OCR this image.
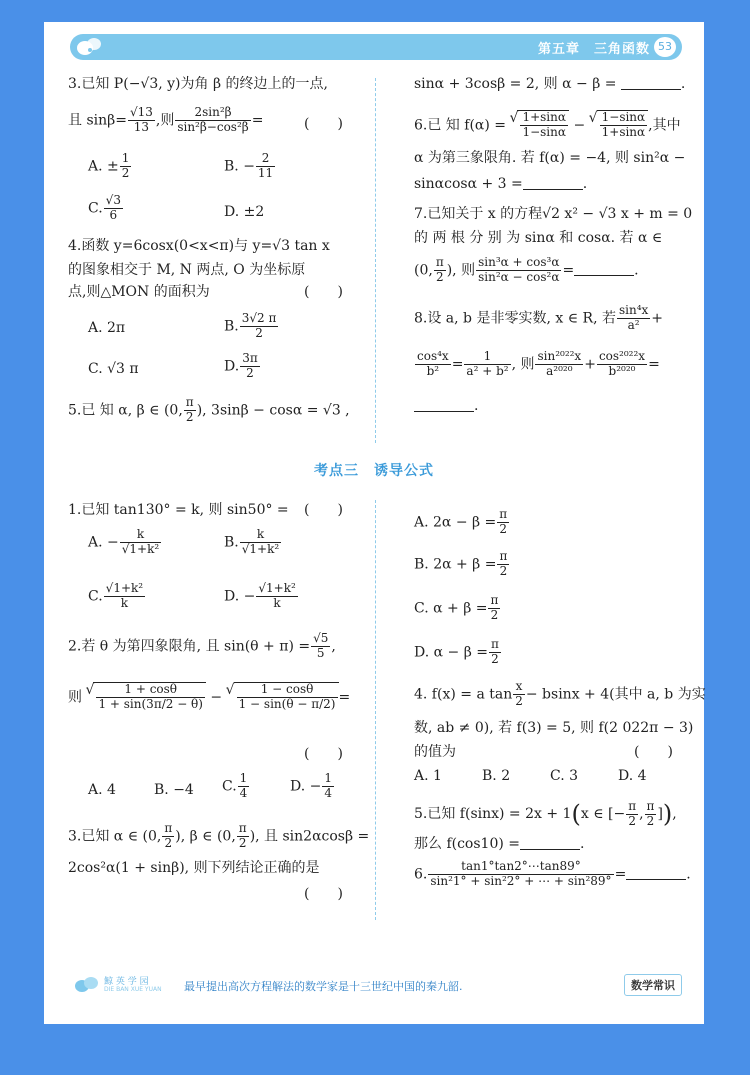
第五章　三角函数 53
3.已知 P(−√3, y)为角 β 的终边上的一点,
且 $\sin\beta= \frac{√13}{13}$ ,则 $\frac{\text{2sin²β}}{\text{sin²β−cos²β}}$ =	(　　)
A. ± $\frac{1}{2}$	B. − $\frac{2}{11}$
C. $\frac{√3}{6}$	D. ±2
4.函数 y=6cosx(0<x<π)与 y=√3 tan x
的图象相交于 M, N 两点, O 为坐标原
点,则△MON 的面积为	(　　)
A. 2π	B. $\frac{3√2 \pi}{2}$
C. √3 π	D. $\frac{3\pi}{2}$
5.已 知 α, β ∈ (0, $\frac{\pi}{2}$ ), 3sinβ − cosα = √3 ,
sinα + 3cosβ = 2, 则 α − β =	.
6.已 知 f(α) = √ $\frac{1+\sin\alpha}{1-\sin\alpha}$ − √ $\frac{1-\sin\alpha}{1+\sin\alpha}$ ,其中
α 为第三象限角. 若 f(α) = −4, 则 sin²α −
sinαcosα + 3 =	.
7.已知关于 x 的方程√2 x² − √3 x + m = 0
的 两 根 分 别 为 sinα 和 cosα. 若 α ∈
(0, $\frac{\pi}{2}$ ), 则 $\frac{\text{sin³α + cos³α}}{\text{sin²α − cos²α}}$ =	.
8.设 a, b 是非零实数, x ∈ R, 若 $\frac{\text{sin⁴x}}{\text{a²}}$ +
$\frac{\text{cos⁴x}}{\text{b²}} = \frac{1}{\text{a² + b²}}$ , 则 $\frac{\text{sin²⁰²²x}}{\text{a²⁰²⁰}} + \frac{\text{cos²⁰²²x}}{\text{b²⁰²⁰}}$ =
.
考点三　诱导公式
1.已知 tan130° = k, 则 sin50° = (　　)
A. − $\frac{k}{\text{√1+k²}}$	B. $\frac{k}{\text{√1+k²}}$
C. $\frac{\text{√1+k²}}{k}$	D. − $\frac{\text{√1+k²}}{k}$
2.若 θ 为第四象限角, 且 $\sin(\theta + \pi) = \frac{√5}{5}$ ,
则 √ $\frac{1 + \cos\theta}{1 + \sin(3\pi/2 - \theta)}$ − √ $\frac{1 - \cos\theta}{1 - \sin(\theta - \pi/2)}$ =
(　　)
A. 4	B. −4 C. $\frac{1}{4}$	D. − $\frac{1}{4}$
3.已知 α ∈ (0, $\frac{\pi}{2}$ ), β ∈ (0, $\frac{\pi}{2}$ ), 且 sin2αcosβ =
2cos²α(1 + sinβ), 则下列结论正确的是
(　　)
A. $2\alpha - \beta = \frac{\pi}{2}$
B. $2\alpha + \beta = \frac{\pi}{2}$
C. $\alpha + \beta = \frac{\pi}{2}$
D. $\alpha - \beta = \frac{\pi}{2}$
4. f(x) = a $\tan \frac{x}{2} - bsinx + 4$(其中 a, b 为实
数, ab ≠ 0), 若 f(3) = 5, 则 f(2 022π − 3)
的值为	(　　)
A. 1	B. 2	C. 3	D. 4
5.已知 f(sinx) = 2x + 1(x ∈ [− $\frac{\pi}{2}$ , $\frac{\pi}{2}$ ]),
那么 f(cos10) =	.
6. $\frac{\tan 1^\circ\tan 2^\circ\cdots\tan 89^\circ}{\text{sin²1° + sin²2° + ⋯ + sin²89°}}$ =	.
鲸 英 学 园
DIE BAN XUE YUAN 最早提出高次方程解法的数学家是十三世纪中国的秦九韶.	数学常识
